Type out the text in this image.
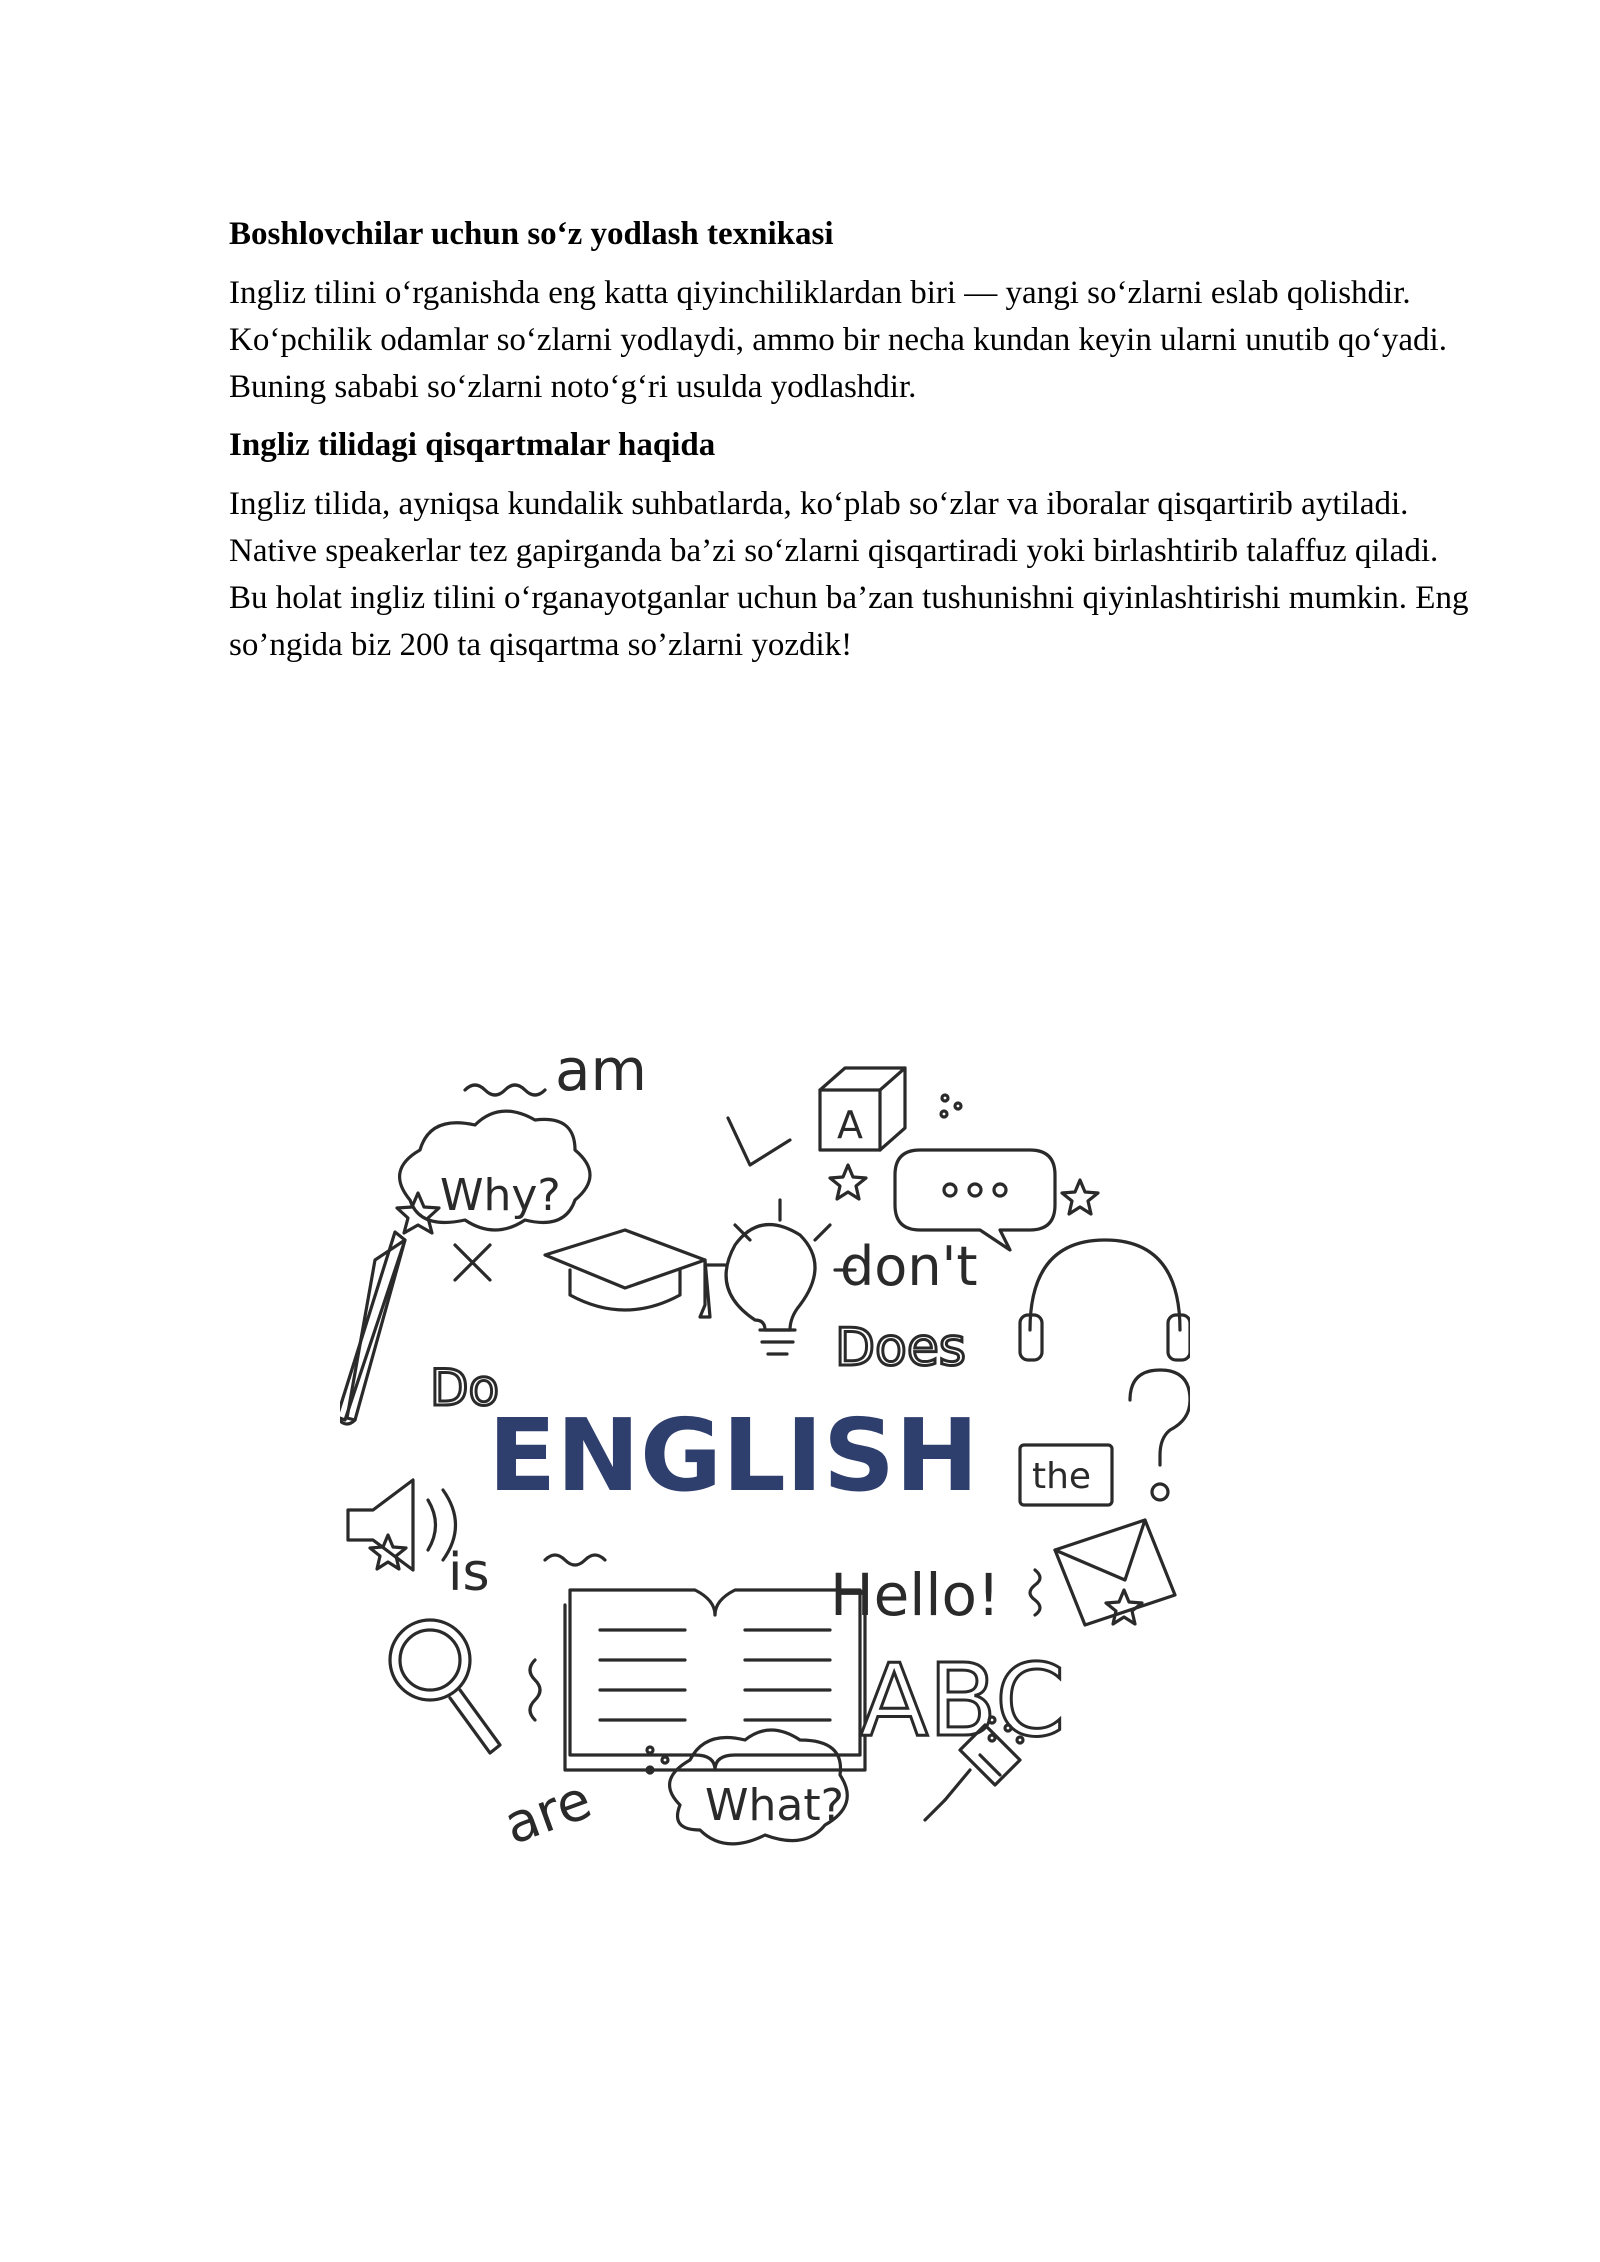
Boshlovchilar uchun so‘z yodlash texnikasi

Ingliz tilini o‘rganishda eng katta qiyinchiliklardan biri — yangi so‘zlarni eslab qolishdir. Ko‘pchilik odamlar so‘zlarni yodlaydi, ammo bir necha kundan keyin ularni unutib qo‘yadi. Buning sababi so‘zlarni noto‘g‘ri usulda yodlashdir.

Ingliz tilidagi qisqartmalar haqida

Ingliz tilida, ayniqsa kundalik suhbatlarda, ko‘plab so‘zlar va iboralar qisqartirib aytiladi. Native speakerlar tez gapirganda ba’zi so‘zlarni qisqartiradi yoki birlashtirib talaffuz qiladi. Bu holat ingliz tilini o‘rganayotganlar uchun ba’zan tushunishni qiyinlashtirishi mumkin. Eng so’ngida biz 200 ta qisqartma so’zlarni yozdik!

am
A
Why?
don't
Does
Do
ENGLISH the
is	Hello!
ABC
are What?
